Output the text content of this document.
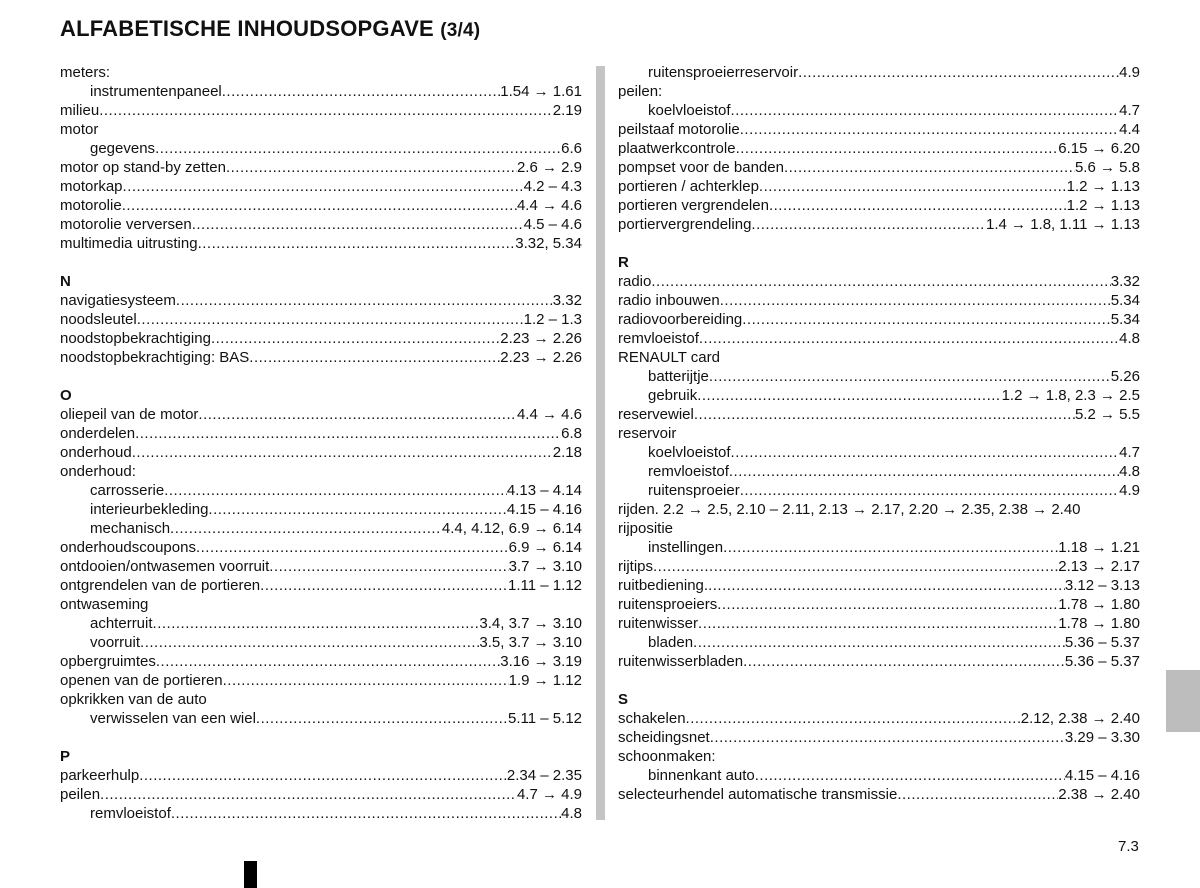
ALFABETISCHE INHOUDSOPGAVE (3/4)
meters:
instrumentenpaneel .....	1.54 → 1.61
milieu .....	2.19
motor
gegevens .....	6.6
motor op stand-by zetten .....	2.6 → 2.9
motorkap .....	4.2 – 4.3
motorolie .....	4.4 → 4.6
motorolie verversen .....	4.5 – 4.6
multimedia uitrusting .....	3.32, 5.34
N
navigatiesysteem .....	3.32
noodsleutel .....	1.2 – 1.3
noodstopbekrachtiging .....	2.23 → 2.26
noodstopbekrachtiging: BAS .....	2.23 → 2.26
O
oliepeil van de motor .....	4.4 → 4.6
onderdelen .....	6.8
onderhoud .....	2.18
onderhoud:
carrosserie .....	4.13 – 4.14
interieurbekleding .....	4.15 – 4.16
mechanisch .....	4.4, 4.12, 6.9 → 6.14
onderhoudscoupons .....	6.9 → 6.14
ontdooien/ontwasemen voorruit .....	3.7 → 3.10
ontgrendelen van de portieren .....	1.11 – 1.12
ontwaseming
achterruit .....	3.4, 3.7 → 3.10
voorruit .....	3.5, 3.7 → 3.10
opbergruimtes .....	3.16 → 3.19
openen van de portieren .....	1.9 → 1.12
opkrikken van de auto
verwisselen van een wiel .....	5.11 – 5.12
P
parkeerhulp .....	2.34 – 2.35
peilen .....	4.7 → 4.9
remvloeistof .....	4.8
ruitensproeierreservoir .....	4.9
peilen:
koelvloeistof .....	4.7
peilstaaf motorolie .....	4.4
plaatwerkcontrole .....	6.15 → 6.20
pompset voor de banden .....	5.6 → 5.8
portieren / achterklep .....	1.2 → 1.13
portieren vergrendelen .....	1.2 → 1.13
portiervergrendeling .....	1.4 → 1.8, 1.11 → 1.13
R
radio .....	3.32
radio inbouwen .....	5.34
radiovoorbereiding .....	5.34
remvloeistof .....	4.8
RENAULT card
batterijtje .....	5.26
gebruik .....	1.2 → 1.8, 2.3 → 2.5
reservewiel .....	5.2 → 5.5
reservoir
koelvloeistof .....	4.7
remvloeistof .....	4.8
ruitensproeier .....	4.9
rijden. 2.2 → 2.5, 2.10 – 2.11, 2.13 → 2.17, 2.20 → 2.35, 2.38 → 2.40
rijpositie
instellingen .....	1.18 → 1.21
rijtips .....	2.13 → 2.17
ruitbediening. .....	3.12 – 3.13
ruitensproeiers .....	1.78 → 1.80
ruitenwisser .....	1.78 → 1.80
bladen .....	5.36 – 5.37
ruitenwisserbladen .....	5.36 – 5.37
S
schakelen .....	2.12, 2.38 → 2.40
scheidingsnet .....	3.29 – 3.30
schoonmaken:
binnenkant auto .....	4.15 – 4.16
selecteurhendel automatische transmissie .....	2.38 → 2.40
7.3
